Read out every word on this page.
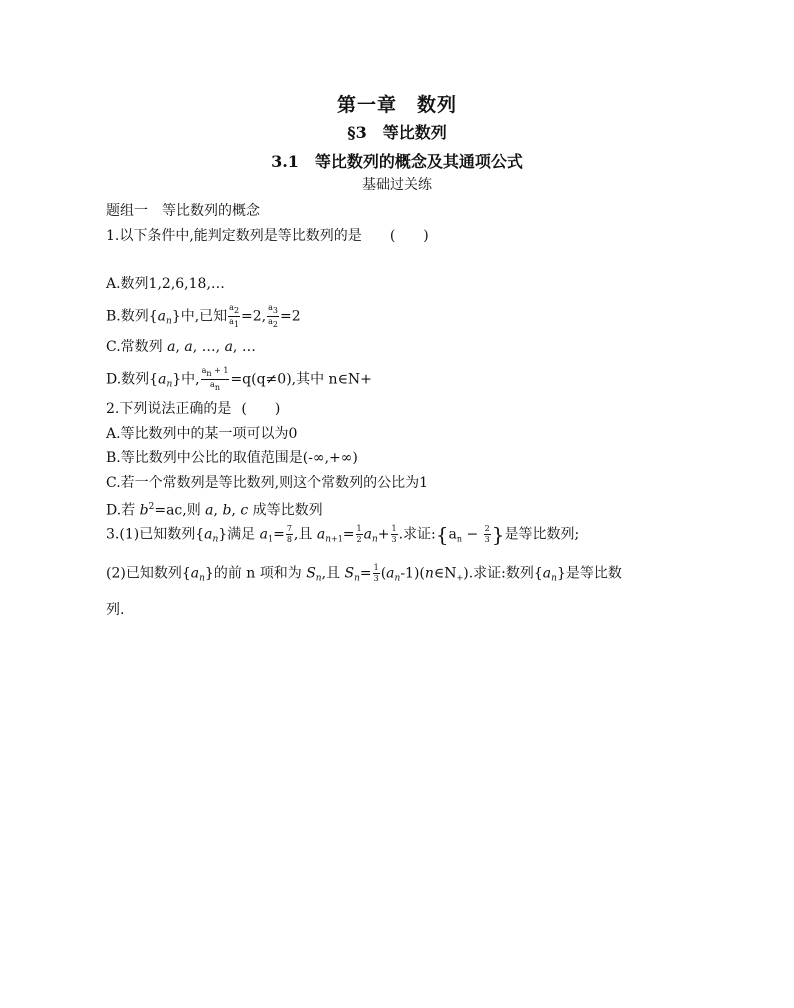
第一章　数列
§3　等比数列
3.1　等比数列的概念及其通项公式
基础过关练
题组一　等比数列的概念
1.以下条件中,能判定数列是等比数列的是 (　　)
A.数列1,2,6,18,…
B.数列$\{a_n\}$中,已知 $\frac{a2}{a1} =2$, $\frac{a3}{a2} =2$
C.常数列 a, a, …, a, …
D.数列$\{a_n\}$中, $\frac{an + 1}{an} =q(q\ne 0)$,其中 n∈N+
2.下列说法正确的是 (　　)
A.等比数列中的某一项可以为0
B.等比数列中公比的取值范围是(-∞,+∞)
C.若一个常数列是等比数列,则这个常数列的公比为1
D.若 $b^2=ac$,则 a, b, c 成等比数列
3.(1)已知数列$\{a_n\}$满足 $a_1= \frac{7}{8}$ ,且 $a_{n+1}= \frac{1}{2} a_n+ \frac{1}{3}$ .求证$:\{a_n - \frac{2}{3}$ }是等比数列;
(2)已知数列$\{a_n\}$的前 n 项和为 $S_n$,且 $S_n= \frac{1}{3}$ $(a_n-1)(n\in N_+)$.求证:数列$\{a_n\}$是等比数
列.
